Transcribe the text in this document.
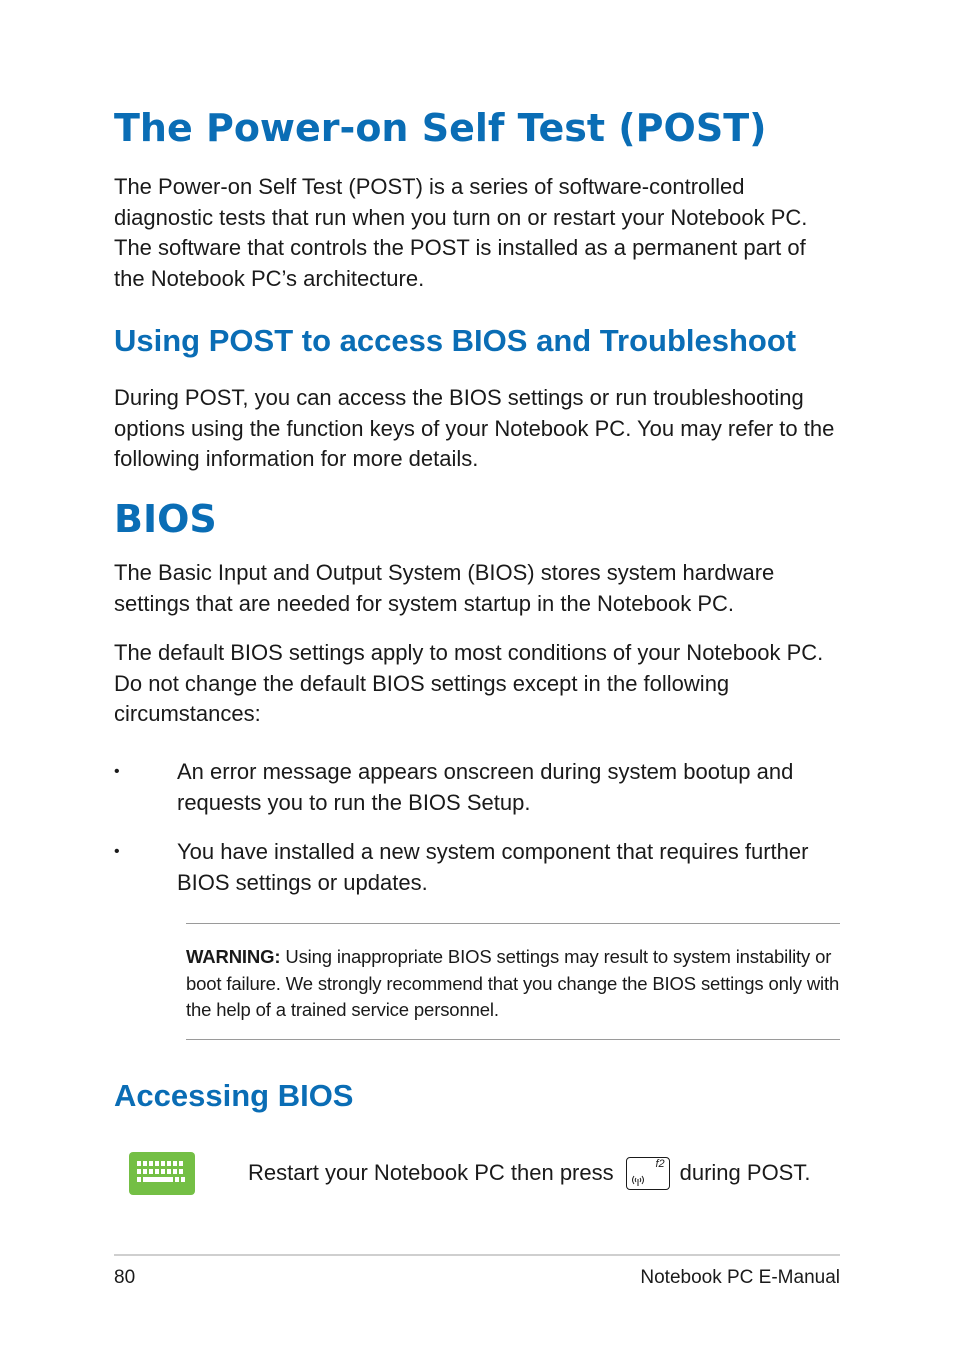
The Power-on Self Test (POST)

The Power-on Self Test (POST) is a series of software-controlled diagnostic tests that run when you turn on or restart your Notebook PC. The software that controls the POST is installed as a permanent part of the Notebook PC’s architecture.

Using POST to access BIOS and Troubleshoot

During POST, you can access the BIOS settings or run troubleshooting options using the function keys of your Notebook PC. You may refer to the following information for more details.

BIOS

The Basic Input and Output System (BIOS) stores system hardware settings that are needed for system startup in the Notebook PC.

The default BIOS settings apply to most conditions of your Notebook PC. Do not change the default BIOS settings except in the following circumstances:

•	An error message appears onscreen during system bootup and requests you to run the BIOS Setup.

•	You have installed a new system component that requires further BIOS settings or updates.

WARNING: Using inappropriate BIOS settings may result to system instability or boot failure. We strongly recommend that you change the BIOS settings only with the help of a trained service personnel.

Accessing BIOS
Restart your Notebook PC then press	f2 during POST.
80	Notebook PC E-Manual
